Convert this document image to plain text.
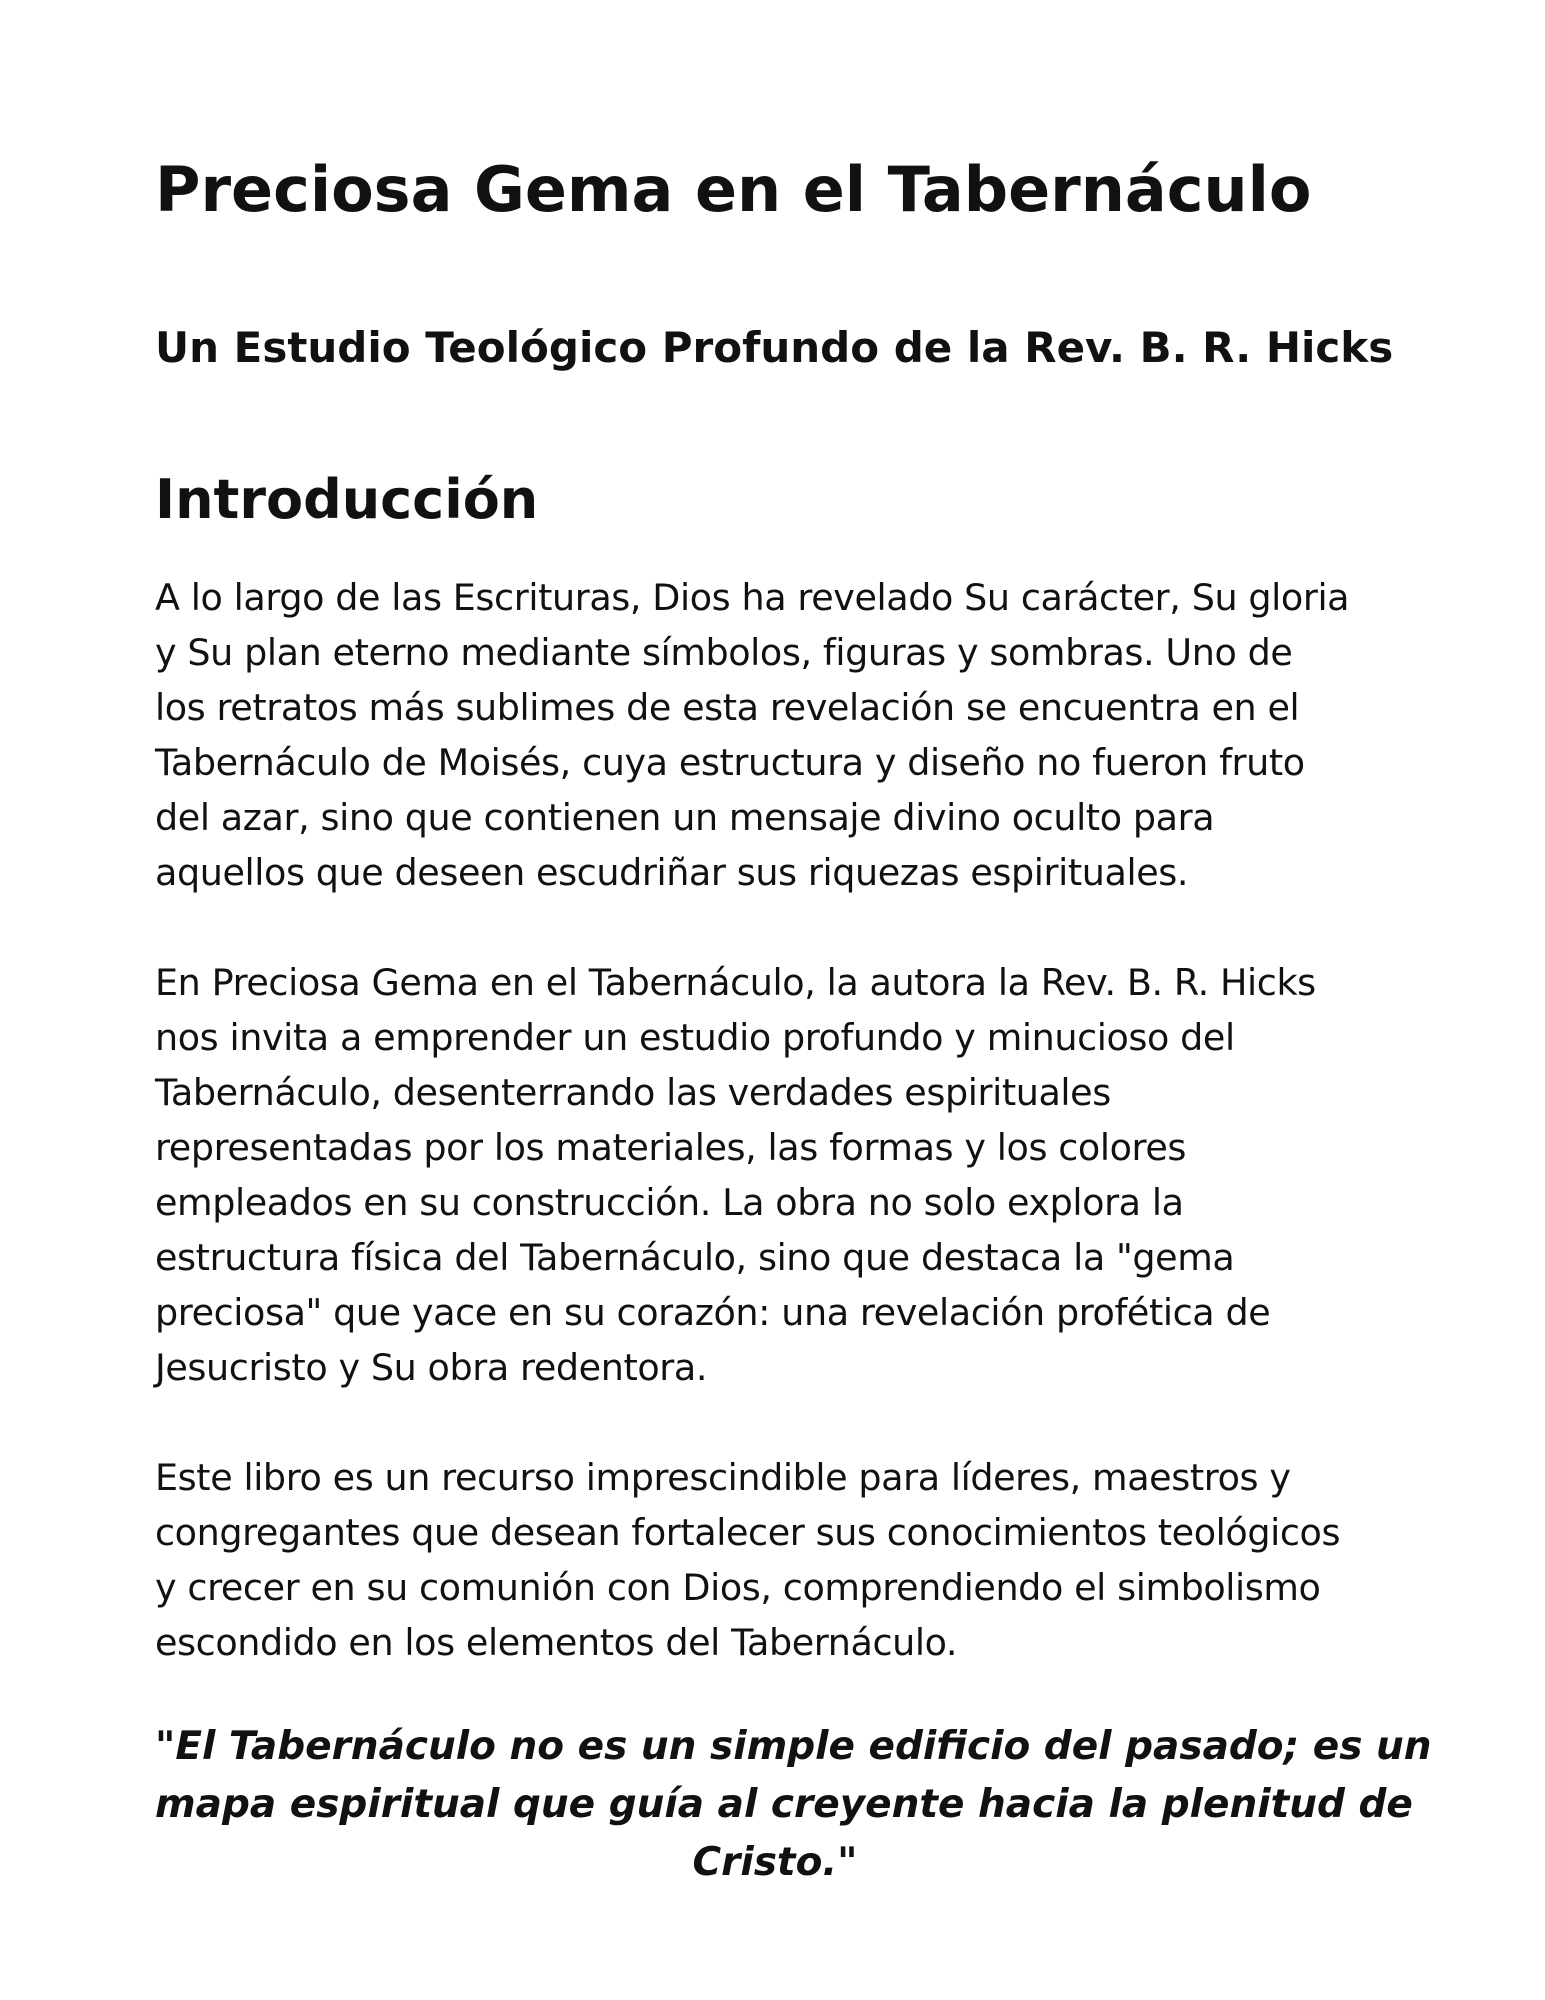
Preciosa Gema en el Tabernáculo
Un Estudio Teológico Profundo de la Rev. B. R. Hicks
Introducción

A lo largo de las Escrituras, Dios ha revelado Su carácter, Su gloria
y Su plan eterno mediante símbolos, figuras y sombras. Uno de
los retratos más sublimes de esta revelación se encuentra en el
Tabernáculo de Moisés, cuya estructura y diseño no fueron fruto
del azar, sino que contienen un mensaje divino oculto para
aquellos que deseen escudriñar sus riquezas espirituales.

En Preciosa Gema en el Tabernáculo, la autora la Rev. B. R. Hicks
nos invita a emprender un estudio profundo y minucioso del
Tabernáculo, desenterrando las verdades espirituales
representadas por los materiales, las formas y los colores
empleados en su construcción. La obra no solo explora la
estructura física del Tabernáculo, sino que destaca la "gema
preciosa" que yace en su corazón: una revelación profética de
Jesucristo y Su obra redentora.

Este libro es un recurso imprescindible para líderes, maestros y
congregantes que desean fortalecer sus conocimientos teológicos
y crecer en su comunión con Dios, comprendiendo el simbolismo
escondido en los elementos del Tabernáculo.

"El Tabernáculo no es un simple edificio del pasado; es un
mapa espiritual que guía al creyente hacia la plenitud de
Cristo."
